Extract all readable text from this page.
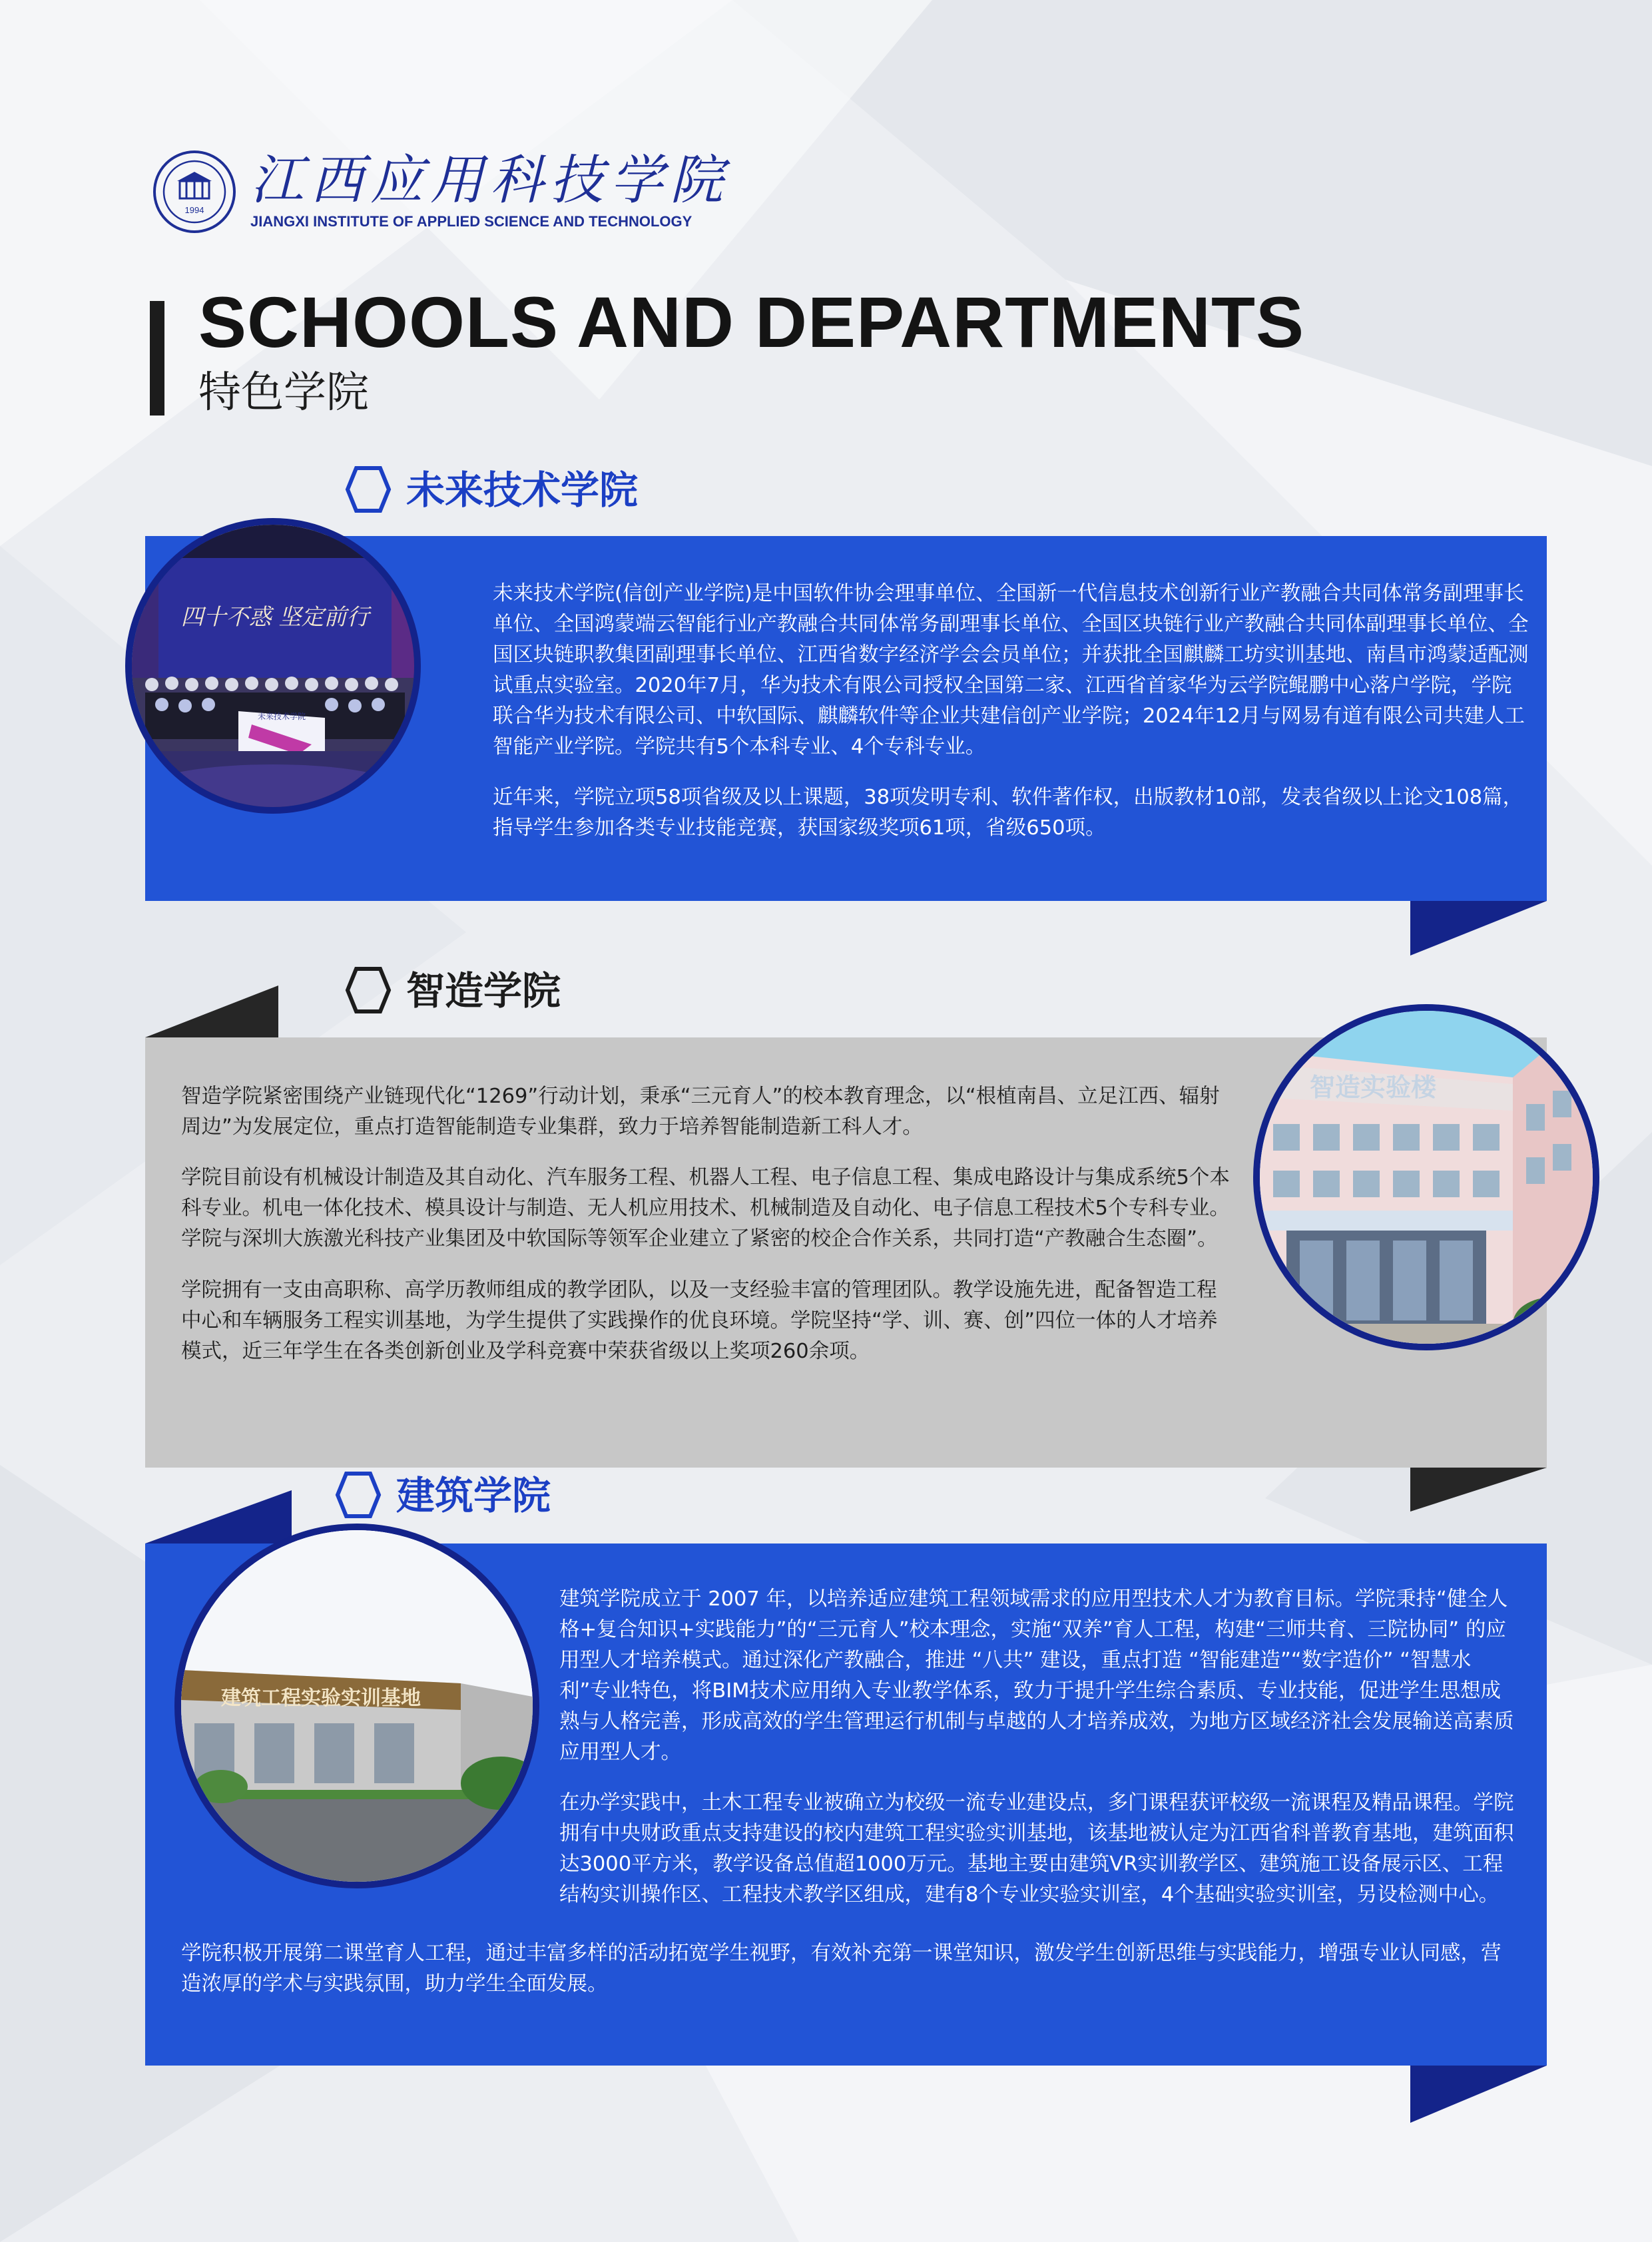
1994 江西应用科技学院
JIANGXI INSTITUTE OF APPLIED SCIENCE AND TECHNOLOGY
SCHOOLS AND DEPARTMENTS
特色学院
未来技术学院
四十不惑 坚定前行
未来技术学院

未来技术学院(信创产业学院)是中国软件协会理事单位、全国新一代信息技术创新行业产教融合共同体常务副理事长单位、全国鸿蒙端云智能行业产教融合共同体常务副理事长单位、全国区块链行业产教融合共同体副理事长单位、全国区块链职教集团副理事长单位、江西省数字经济学会会员单位；并获批全国麒麟工坊实训基地、南昌市鸿蒙适配测试重点实验室。2020年7月，华为技术有限公司授权全国第二家、江西省首家华为云学院鲲鹏中心落户学院，学院联合华为技术有限公司、中软国际、麒麟软件等企业共建信创产业学院；2024年12月与网易有道有限公司共建人工智能产业学院。学院共有5个本科专业、4个专科专业。

近年来，学院立项58项省级及以上课题，38项发明专利、软件著作权，出版教材10部，发表省级以上论文108篇，指导学生参加各类专业技能竞赛，获国家级奖项61项，省级650项。

智造学院
智造实验楼

智造学院紧密围绕产业链现代化“1269”行动计划，秉承“三元育人”的校本教育理念，以“根植南昌、立足江西、辐射周边”为发展定位，重点打造智能制造专业集群，致力于培养智能制造新工科人才。

学院目前设有机械设计制造及其自动化、汽车服务工程、机器人工程、电子信息工程、集成电路设计与集成系统5个本科专业。机电一体化技术、模具设计与制造、无人机应用技术、机械制造及自动化、电子信息工程技术5个专科专业。学院与深圳大族激光科技产业集团及中软国际等领军企业建立了紧密的校企合作关系，共同打造“产教融合生态圈”。

学院拥有一支由高职称、高学历教师组成的教学团队，以及一支经验丰富的管理团队。教学设施先进，配备智造工程中心和车辆服务工程实训基地，为学生提供了实践操作的优良环境。学院坚持“学、训、赛、创”四位一体的人才培养模式，近三年学生在各类创新创业及学科竞赛中荣获省级以上奖项260余项。

建筑学院
建筑工程实验实训基地

建筑学院成立于 2007 年，以培养适应建筑工程领域需求的应用型技术人才为教育目标。学院秉持“健全人格+复合知识+实践能力”的“三元育人”校本理念，实施“双养”育人工程，构建“三师共育、三院协同” 的应用型人才培养模式。通过深化产教融合，推进 “八共” 建设，重点打造 “智能建造”“数字造价” “智慧水利”专业特色，将BIM技术应用纳入专业教学体系，致力于提升学生综合素质、专业技能，促进学生思想成熟与人格完善，形成高效的学生管理运行机制与卓越的人才培养成效，为地方区域经济社会发展输送高素质应用型人才。

在办学实践中，土木工程专业被确立为校级一流专业建设点，多门课程获评校级一流课程及精品课程。学院拥有中央财政重点支持建设的校内建筑工程实验实训基地，该基地被认定为江西省科普教育基地，建筑面积达3000平方米，教学设备总值超1000万元。基地主要由建筑VR实训教学区、建筑施工设备展示区、工程结构实训操作区、工程技术教学区组成，建有8个专业实验实训室，4个基础实验实训室，另设检测中心。

学院积极开展第二课堂育人工程，通过丰富多样的活动拓宽学生视野，有效补充第一课堂知识，激发学生创新思维与实践能力，增强专业认同感，营造浓厚的学术与实践氛围，助力学生全面发展。
